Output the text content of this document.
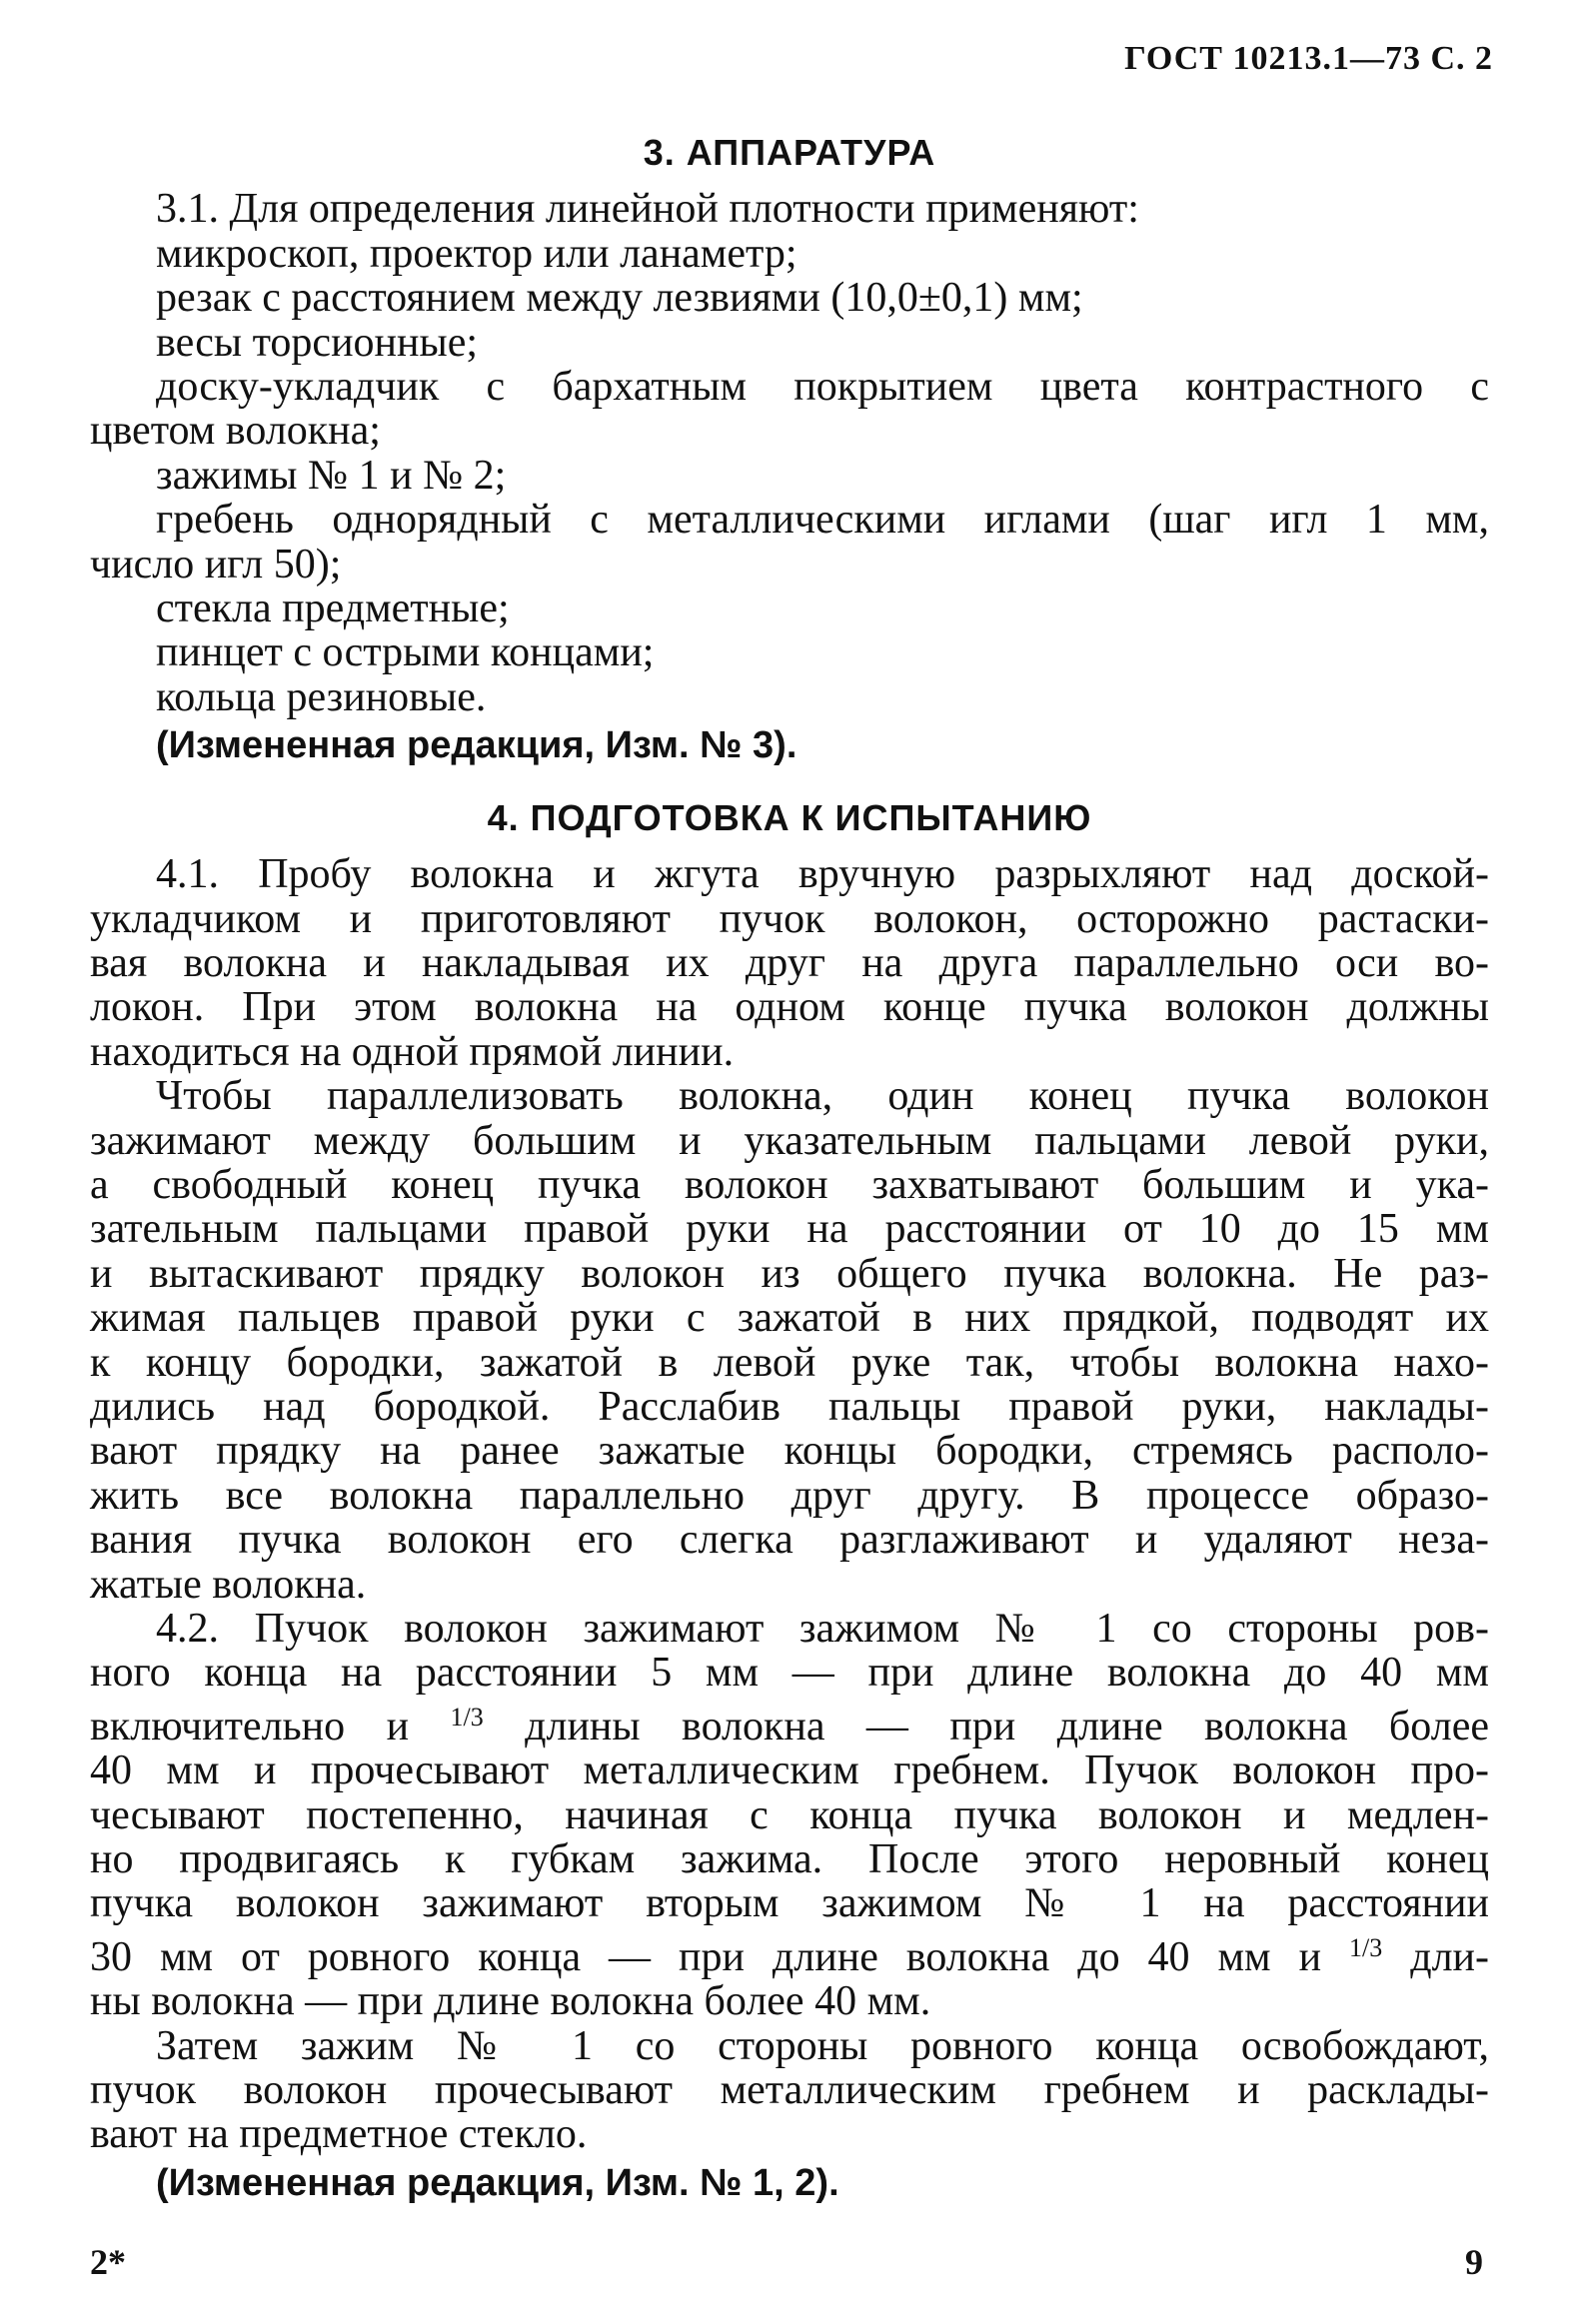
ГОСТ 10213.1—73 С. 2
3. АППАРАТУРА
3.1. Для определения линейной плотности применяют:
микроскоп, проектор или ланаметр;
резак с расстоянием между лезвиями (10,0±0,1) мм;
весы торсионные;
доску-укладчик с бархатным покрытием цвета контрастного с
цветом волокна;
зажимы № 1 и № 2;
гребень однорядный с металлическими иглами (шаг игл 1 мм,
число игл 50);
стекла предметные;
пинцет с острыми концами;
кольца резиновые.
(Измененная редакция, Изм. № 3).
4. ПОДГОТОВКА К ИСПЫТАНИЮ
4.1. Пробу волокна и жгута вручную разрыхляют над доской-
укладчиком и приготовляют пучок волокон, осторожно растаски-
вая волокна и накладывая их друг на друга параллельно оси во-
локон. При этом волокна на одном конце пучка волокон должны
находиться на одной прямой линии.
Чтобы параллелизовать волокна, один конец пучка волокон
зажимают между большим и указательным пальцами левой руки,
а свободный конец пучка волокон захватывают большим и ука-
зательным пальцами правой руки на расстоянии от 10 до 15 мм
и вытаскивают прядку волокон из общего пучка волокна. Не раз-
жимая пальцев правой руки с зажатой в них прядкой, подводят их
к концу бородки, зажатой в левой руке так, чтобы волокна нахо-
дились над бородкой. Расслабив пальцы правой руки, наклады-
вают прядку на ранее зажатые концы бородки, стремясь располо-
жить все волокна параллельно друг другу. В процессе образо-
вания пучка волокон его слегка разглаживают и удаляют неза-
жатые волокна.
4.2. Пучок волокон зажимают зажимом № 1 со стороны ров-
ного конца на расстоянии 5 мм — при длине волокна до 40 мм
включительно и $^{1/3}$ длины волокна — при длине волокна более
40 мм и прочесывают металлическим гребнем. Пучок волокон про-
чесывают постепенно, начиная с конца пучка волокон и медлен-
но продвигаясь к губкам зажима. После этого неровный конец
пучка волокон зажимают вторым зажимом № 1 на расстоянии
30 мм от ровного конца — при длине волокна до 40 мм и $^{1/3}$ дли-
ны волокна — при длине волокна более 40 мм.
Затем зажим № 1 со стороны ровного конца освобождают,
пучок волокон прочесывают металлическим гребнем и расклады-
вают на предметное стекло.
(Измененная редакция, Изм. № 1, 2).
2*	9
